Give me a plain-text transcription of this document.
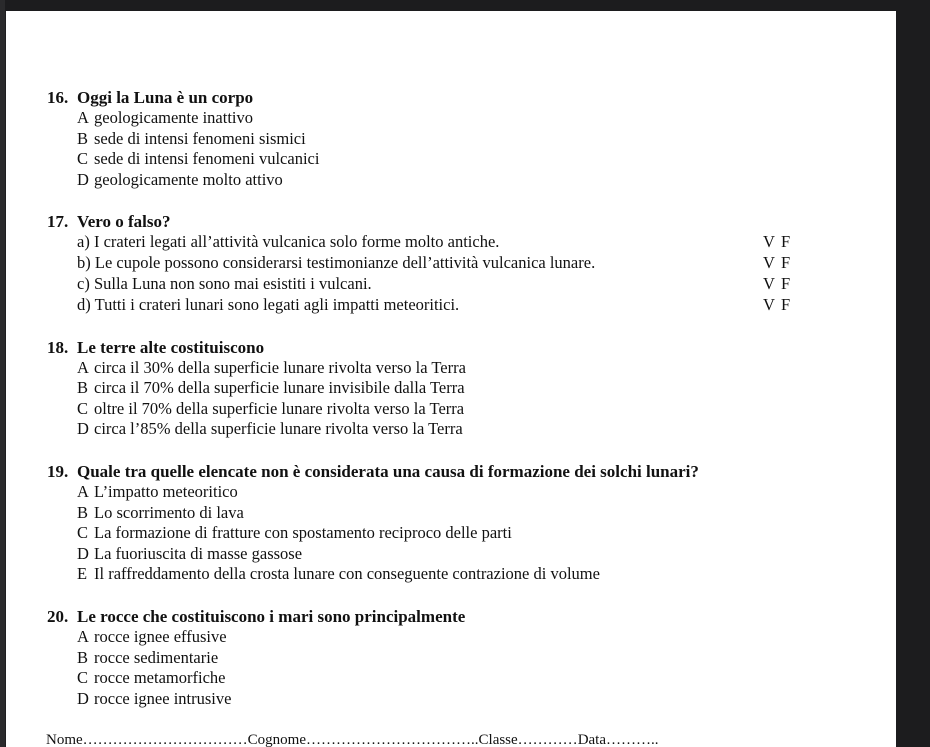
16. Oggi la Luna è un corpo
A geologicamente inattivo
B sede di intensi fenomeni sismici
C sede di intensi fenomeni vulcanici
D geologicamente molto attivo
17. Vero o falso?
a) I crateri legati all’attività vulcanica solo forme molto antiche.	V F
b) Le cupole possono considerarsi testimonianze dell’attività vulcanica lunare.	V F
c) Sulla Luna non sono mai esistiti i vulcani.	V F
d) Tutti i crateri lunari sono legati agli impatti meteoritici.	V F
18. Le terre alte costituiscono
A circa il 30% della superficie lunare rivolta verso la Terra
B circa il 70% della superficie lunare invisibile dalla Terra
C oltre il 70% della superficie lunare rivolta verso la Terra
D circa l’85% della superficie lunare rivolta verso la Terra
19. Quale tra quelle elencate non è considerata una causa di formazione dei solchi lunari?
A L’impatto meteoritico
B Lo scorrimento di lava
C La formazione di fratture con spostamento reciproco delle parti
D La fuoriuscita di masse gassose
E Il raffreddamento della crosta lunare con conseguente contrazione di volume
20. Le rocce che costituiscono i mari sono principalmente
A rocce ignee effusive
B rocce sedimentarie
C rocce metamorfiche
D rocce ignee intrusive
Nome……………………………Cognome……………………………..Classe…………Data………..
